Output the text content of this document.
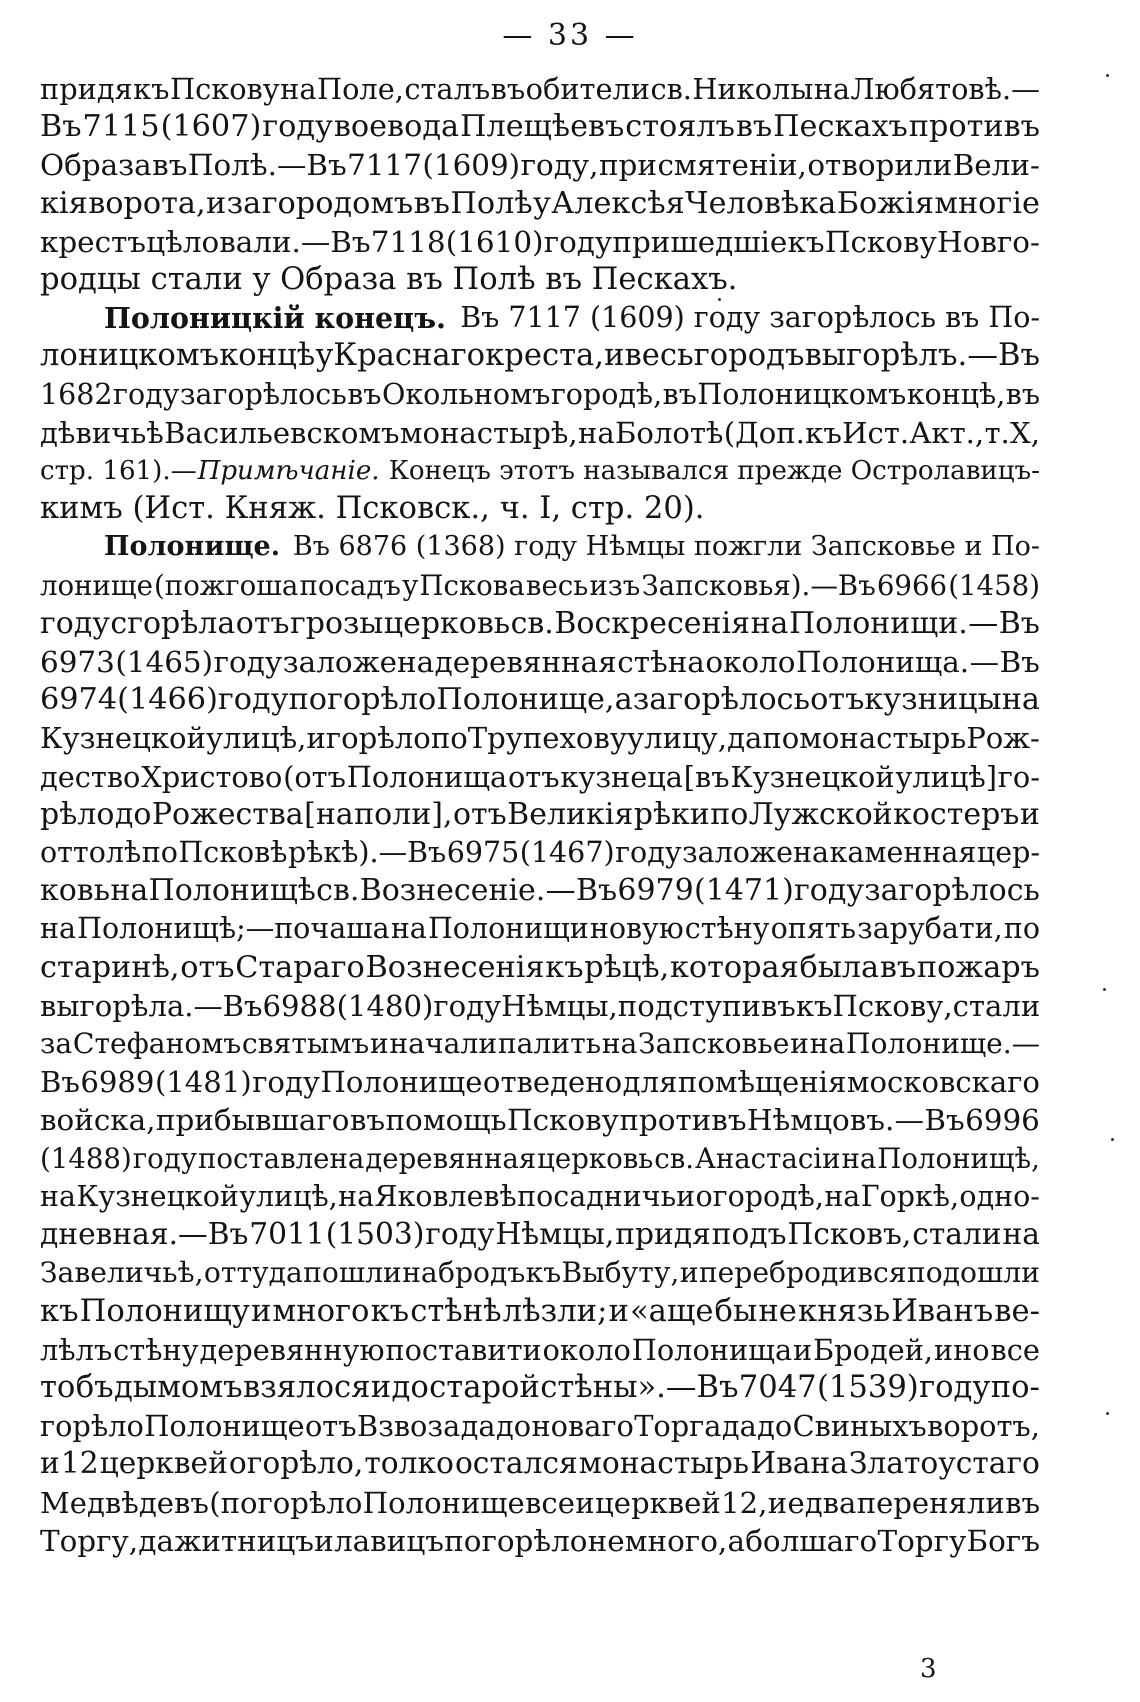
— 33 —
придя къ Пскову на Поле, сталъ въ обители св. Николы на Любятовѣ.—
Въ 7115 (1607) году воевода Плещѣевъ стоялъ въ Пескахъ противъ
Образа въ Полѣ.—Въ 7117 (1609) году, при смятеніи, отворили Вели-
кія ворота, и за городомъ въ Полѣ у Алексѣя Человѣка Божія многіе
крестъ цѣловали.—Въ 7118 (1610) году пришедшіе къ Пскову Новго-
родцы стали у Образа въ Полѣ въ Пескахъ.
Полоницкій конецъ. Въ 7117 (1609) году загорѣлось въ По-
лоницкомъ концѣ у Краснаго креста, и весь городъ выгорѣлъ. — Въ
1682 году загорѣлось въ Окольномъ городѣ, въ Полоницкомъ концѣ, въ
дѣвичьѣ Васильевскомъ монастырѣ, на Болотѣ (Доп. къ Ист. Акт., т. X,
стр. 161).— Примѣчаніе. Конецъ этотъ назывался прежде Остролавицъ-
кимъ (Ист. Княж. Псковск., ч. I, стр. 20).
Полонище. Въ 6876 (1368) году Нѣмцы пожгли Запсковье и По-
лонище (пожгоша посадъ у Пскова весь изъ Запсковья).—Въ 6966 (1458)
году сгорѣла отъ грозы церковь св. Воскресенія на Полонищи. — Въ
6973 (1465) году заложена деревянная стѣна около Полонища. — Въ
6974 (1466) году погорѣло Полонище, а загорѣлось отъ кузницы на
Кузнецкой улицѣ, и горѣло по Трупехову улицу, да по монастырь Рож-
дество Христово (отъ Полонища отъ кузнеца [въ Кузнецкой улицѣ] го-
рѣло до Рожества [на поли], отъ Великія рѣки по Лужской костеръ и
оттолѣ по Псковѣ рѣкѣ).—Въ 6975 (1467) году заложена каменная цер-
ковь на Полонищѣ св. Вознесеніе. — Въ 6979 (1471) году загорѣлось
на Полонищѣ;—почаша на Полонищи новую стѣну опять зарубати, по
старинѣ, отъ Стараго Вознесенія къ рѣцѣ, которая была въ пожаръ
выгорѣла.—Въ 6988 (1480) году Нѣмцы, подступивъ къ Пскову, стали
за Стефаномъ святымъ и начали палить на Запсковье и на Полонище.—
Въ 6989 (1481) году Полонище отведено для помѣщенія московскаго
войска, прибывшаго въ помощь Пскову противъ Нѣмцовъ. — Въ 6996
(1488) году поставлена деревянная церковь св. Анастасіи на Полонищѣ,
на Кузнецкой улицѣ, на Яковлевѣ посадничьи огородѣ, на Горкѣ, одно-
дневная.—Въ 7011 (1503) году Нѣмцы, придя подъ Псковъ, стали на
Завеличьѣ, оттуда пошли на бродъ къ Выбуту, и перебродився подошли
къ Полонищу и много къ стѣнѣ лѣзли; и «аще бы не князь Иванъ ве-
лѣлъ стѣну деревянную поставити около Полонища и Бродей, ино все
то бъ дымомъ взялося и до старой стѣны».—Въ 7047 (1539) году по-
горѣло Полонище отъ Взвоза да до новаго Торга да до Свиныхъ воротъ,
и 12 церквей огорѣло, толко остался монастырь Ивана Златоустаго
Медвѣдевъ (погорѣло Полонище все и церквей 12, и едва переняли въ
Торгу, да житницъ и лавицъ погорѣло немного, а болшаго Торгу Богъ
3
